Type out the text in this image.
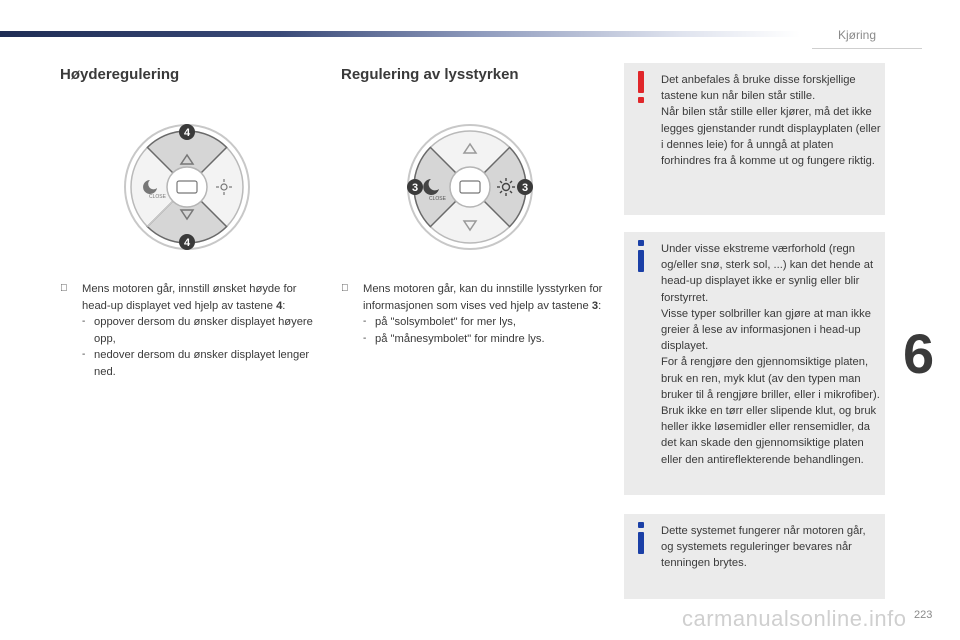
Kjøring
6
Høyderegulering	Regulering av lysstyrken
CLOSE
4
4
CLOSE
3	3
Mens motoren går, innstill ønsket høyde for head-up displayet ved hjelp av tastene 4:
- oppover dersom du ønsker displayet høyere opp,
- nedover dersom du ønsker displayet lenger ned.
Mens motoren går, kan du innstille lysstyrken for informasjonen som vises ved hjelp av tastene 3:
- på "solsymbolet" for mer lys,
- på "månesymbolet" for mindre lys.
Det anbefales å bruke disse forskjellige tastene kun når bilen står stille.
Når bilen står stille eller kjører, må det ikke legges gjenstander rundt displayplaten (eller i dennes leie) for å unngå at platen forhindres fra å komme ut og fungere riktig.
Under visse ekstreme værforhold (regn og/eller snø, sterk sol, ...) kan det hende at head-up displayet ikke er synlig eller blir forstyrret.
Visse typer solbriller kan gjøre at man ikke greier å lese av informasjonen i head-up displayet.
For å rengjøre den gjennomsiktige platen, bruk en ren, myk klut (av den typen man bruker til å rengjøre briller, eller i mikrofiber). Bruk ikke en tørr eller slipende klut, og bruk heller ikke løsemidler eller rensemidler, da det kan skade den gjennomsiktige platen eller den antireflekterende behandlingen.
Dette systemet fungerer når motoren går, og systemets reguleringer bevares når tenningen brytes.
carmanualsonline.info 223
